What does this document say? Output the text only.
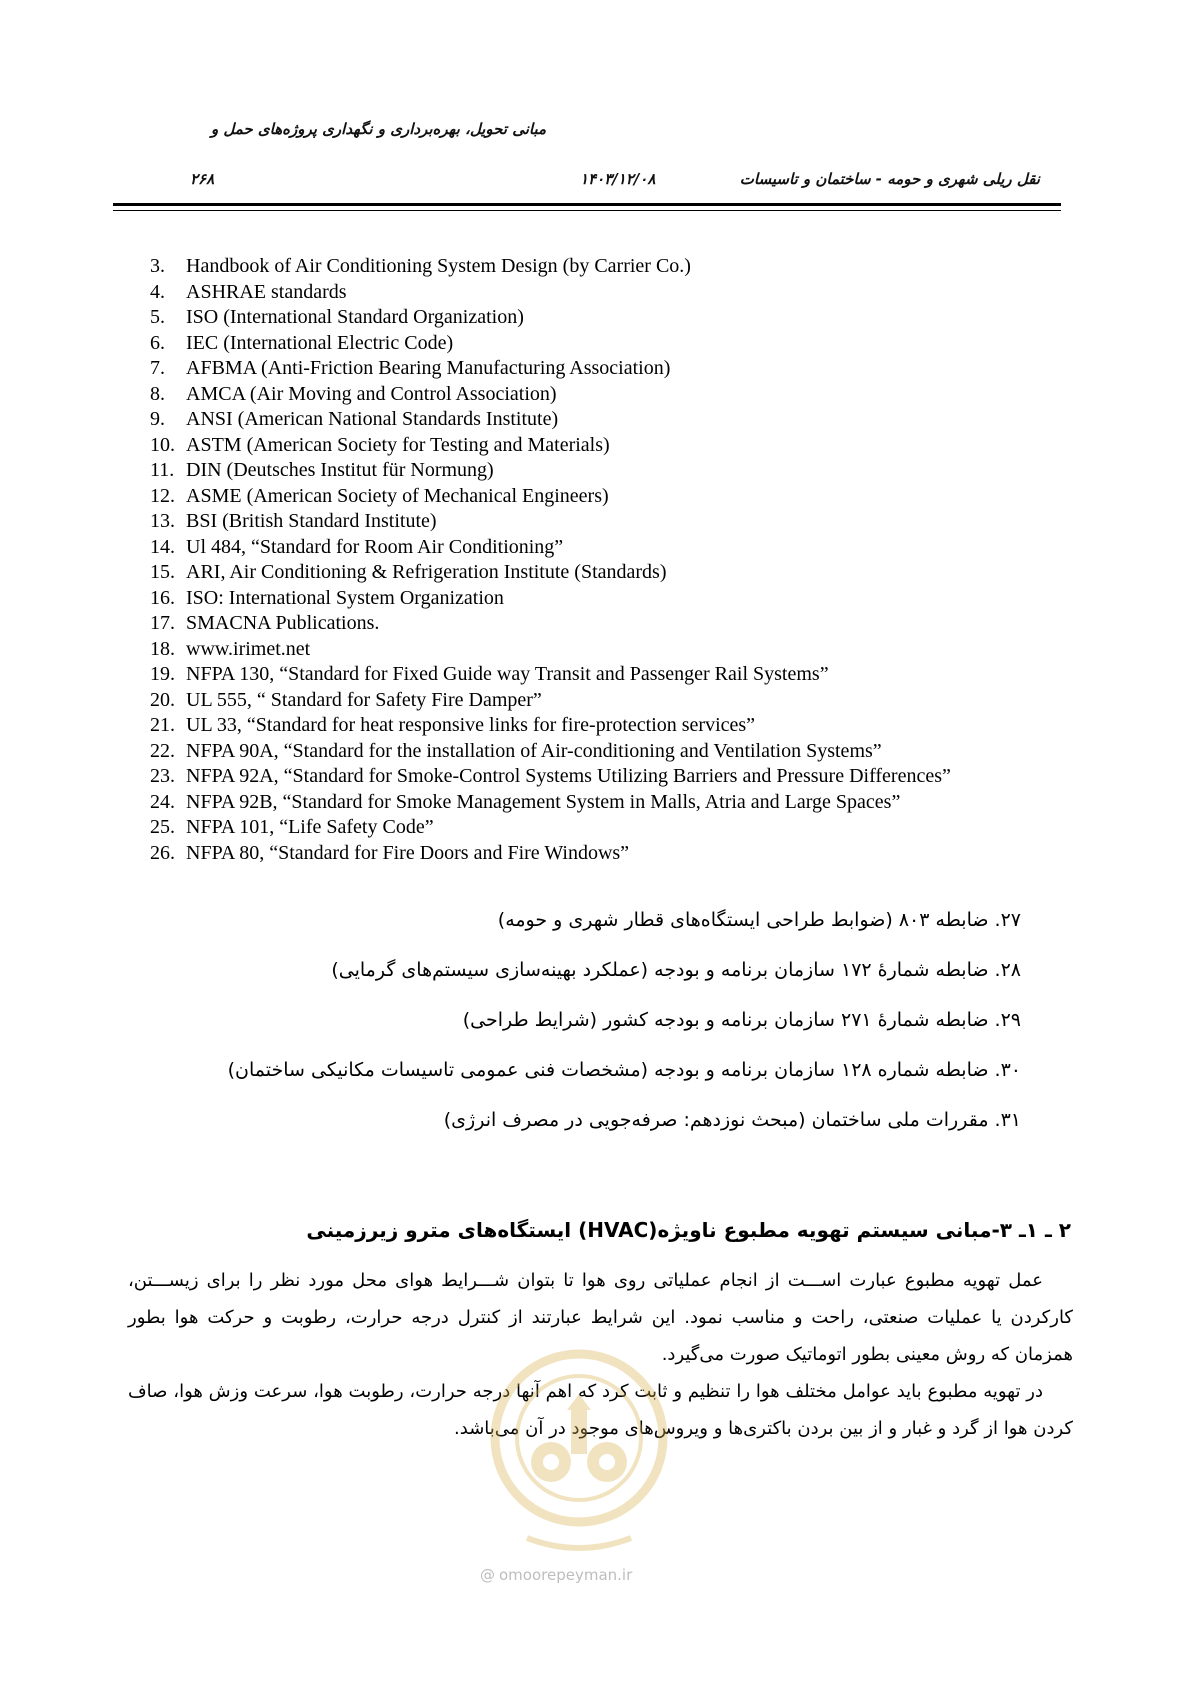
مبانی تحویل، بهره‌برداری و نگهداری پروژه‌های حمل و
۲۶۸	۱۴۰۳/۱۲/۰۸	نقل ریلی شهری و حومه - ساختمان و تاسیسات
3.	Handbook of Air Conditioning System Design (by Carrier Co.)
4.	ASHRAE standards
5.	ISO (International Standard Organization)
6.	IEC (International Electric Code)
7.	AFBMA (Anti-Friction Bearing Manufacturing Association)
8.	AMCA (Air Moving and Control Association)
9.	ANSI (American National Standards Institute)
10. ASTM (American Society for Testing and Materials)
11. DIN (Deutsches Institut für Normung)
12. ASME (American Society of Mechanical Engineers)
13. BSI (British Standard Institute)
14. Ul 484, “Standard for Room Air Conditioning”
15. ARI, Air Conditioning & Refrigeration Institute (Standards)
16. ISO: International System Organization
17. SMACNA Publications.
18. www.irimet.net
19. NFPA 130, “Standard for Fixed Guide way Transit and Passenger Rail Systems”
20. UL 555, “ Standard for Safety Fire Damper”
21. UL 33, “Standard for heat responsive links for fire-protection services”
22. NFPA 90A, “Standard for the installation of Air-conditioning and Ventilation Systems”
23. NFPA 92A, “Standard for Smoke-Control Systems Utilizing Barriers and Pressure Differences”
24. NFPA 92B, “Standard for Smoke Management System in Malls, Atria and Large Spaces”
25. NFPA 101, “Life Safety Code”
26. NFPA 80, “Standard for Fire Doors and Fire Windows”
۲۷. ضابطه ۸۰۳ (ضوابط طراحی ایستگاه‌های قطار شهری و حومه)
۲۸. ضابطه شمارهٔ ۱۷۲ سازمان برنامه و بودجه (عملکرد بهینه‌سازی سیستم‌های گرمایی)
۲۹. ضابطه شمارهٔ ۲۷۱ سازمان برنامه و بودجه کشور (شرایط طراحی)
۳۰. ضابطه شماره ۱۲۸ سازمان برنامه و بودجه (مشخصات فنی عمومی تاسیسات مکانیکی ساختمان)
۳۱. مقررات ملی ساختمان (مبحث نوزدهم: صرفه‌جویی در مصرف انرژی)
۲ ـ ۱ـ ۳-مبانی سیستم تهویه مطبوع ناویژه(HVAC) ایستگاه‌های مترو زیرزمینی

عمل تهویه مطبوع عبارت اســـت از انجام عملیاتی روی هوا تا بتوان شـــرایط هوای محل مورد نظر را برای زیســـتن، کارکردن یا عملیات صنعتی، راحت و مناسب نمود. این شرایط عبارتند از کنترل درجه حرارت، رطوبت و حرکت هوا بطور همزمان که روش معینی بطور اتوماتیک صورت می‌گیرد.

در تهویه مطبوع باید عوامل مختلف هوا را تنظیم و ثابت کرد که اهم آنها درجه حرارت، رطوبت هوا، سرعت وزش هوا، صاف کردن هوا از گرد و غبار و از بین بردن باکتری‌ها و ویروس‌های موجود در آن می‌باشد.

@ omoorepeyman.ir
